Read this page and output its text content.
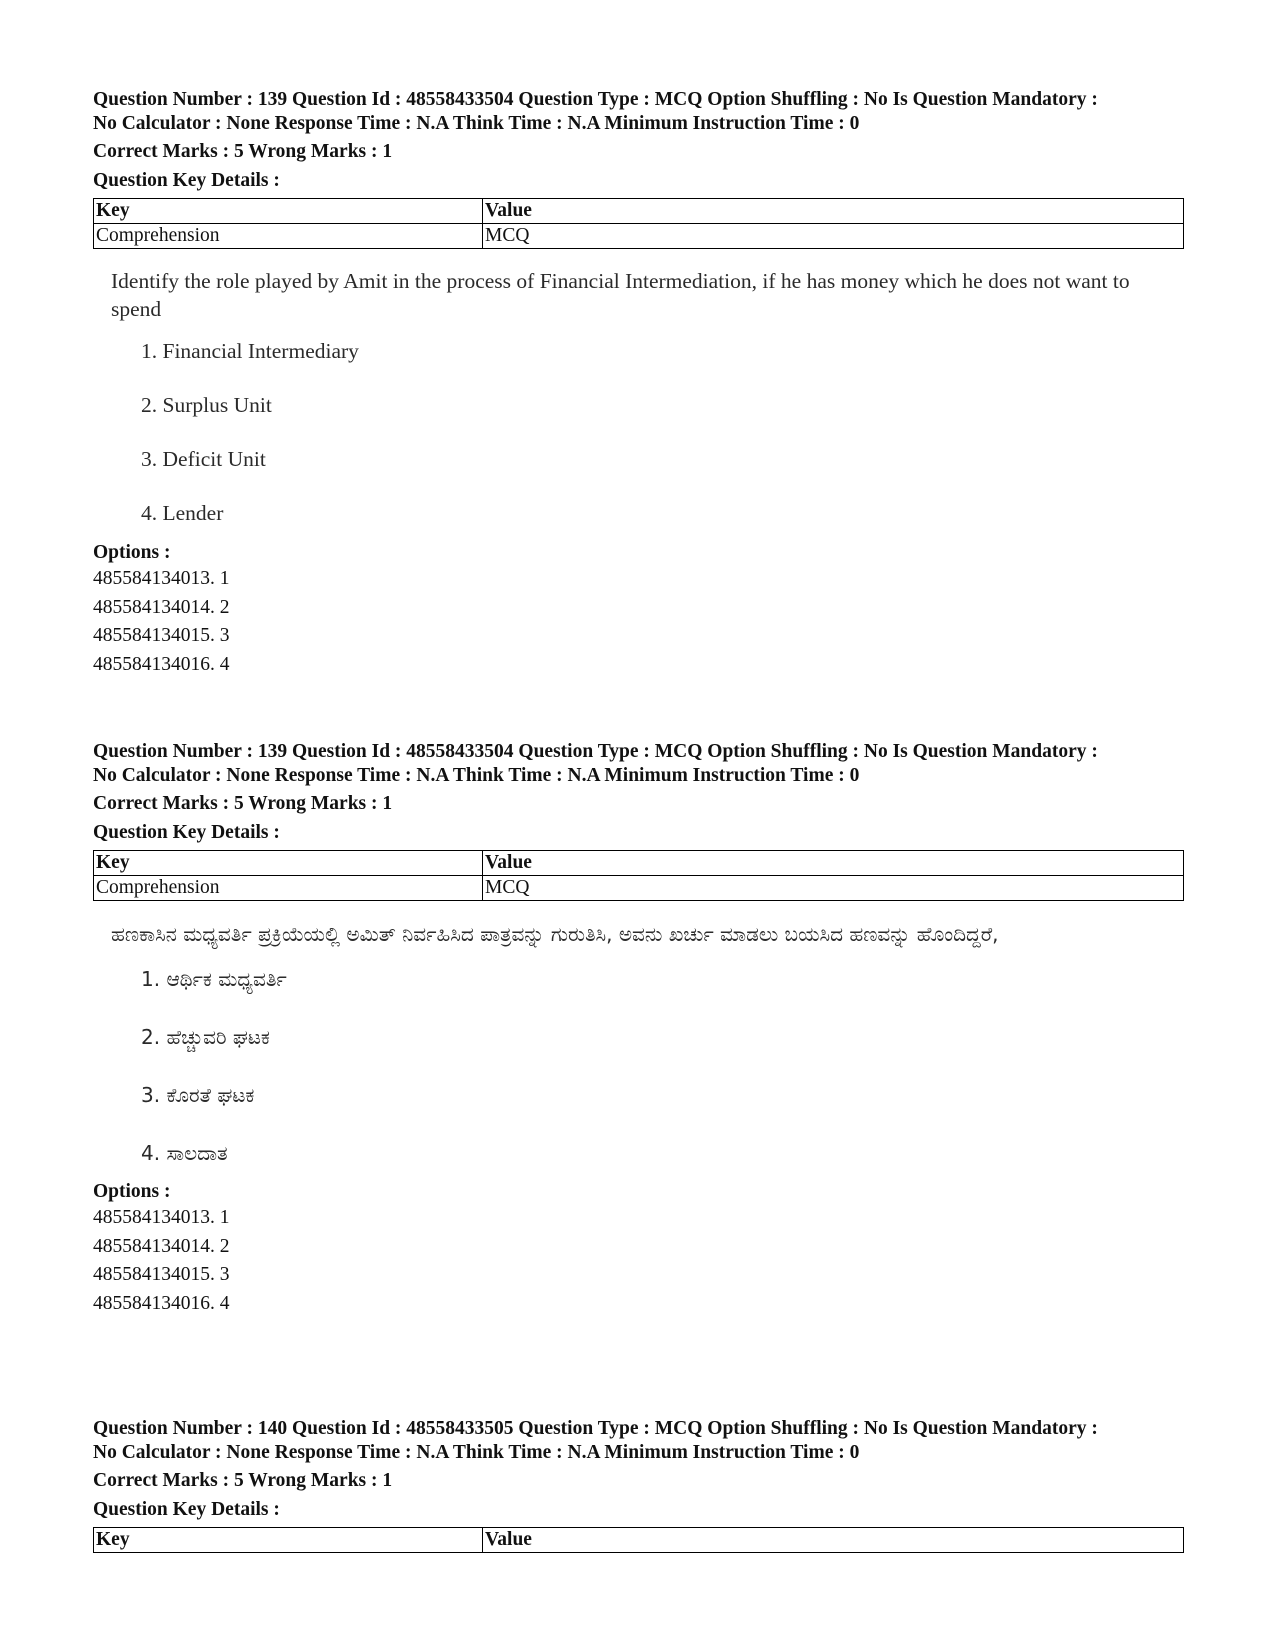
Question Number : 139 Question Id : 48558433504 Question Type : MCQ Option Shuffling : No Is Question Mandatory :
No Calculator : None Response Time : N.A Think Time : N.A Minimum Instruction Time : 0
Correct Marks : 5 Wrong Marks : 1
Question Key Details :
Key	Value
Comprehension	MCQ
Identify the role played by Amit in the process of Financial Intermediation, if he has money which he does not want to spend
1. Financial Intermediary
2. Surplus Unit
3. Deficit Unit
4. Lender
Options :
485584134013. 1
485584134014. 2
485584134015. 3
485584134016. 4
Question Number : 139 Question Id : 48558433504 Question Type : MCQ Option Shuffling : No Is Question Mandatory :
No Calculator : None Response Time : N.A Think Time : N.A Minimum Instruction Time : 0
Correct Marks : 5 Wrong Marks : 1
Question Key Details :
Key	Value
Comprehension	MCQ
ಹಣಕಾಸಿನ ಮಧ್ಯವರ್ತಿ ಪ್ರಕ್ರಿಯೆಯಲ್ಲಿ ಅಮಿತ್ ನಿರ್ವಹಿಸಿದ ಪಾತ್ರವನ್ನು ಗುರುತಿಸಿ, ಅವನು ಖರ್ಚು ಮಾಡಲು ಬಯಸಿದ ಹಣವನ್ನು ಹೊಂದಿದ್ದರೆ,
1. ಆರ್ಥಿಕ ಮಧ್ಯವರ್ತಿ
2. ಹೆಚ್ಚುವರಿ ಘಟಕ
3. ಕೊರತೆ ಘಟಕ
4. ಸಾಲದಾತ
Options :
485584134013. 1
485584134014. 2
485584134015. 3
485584134016. 4
Question Number : 140 Question Id : 48558433505 Question Type : MCQ Option Shuffling : No Is Question Mandatory :
No Calculator : None Response Time : N.A Think Time : N.A Minimum Instruction Time : 0
Correct Marks : 5 Wrong Marks : 1
Question Key Details :
Key	Value
